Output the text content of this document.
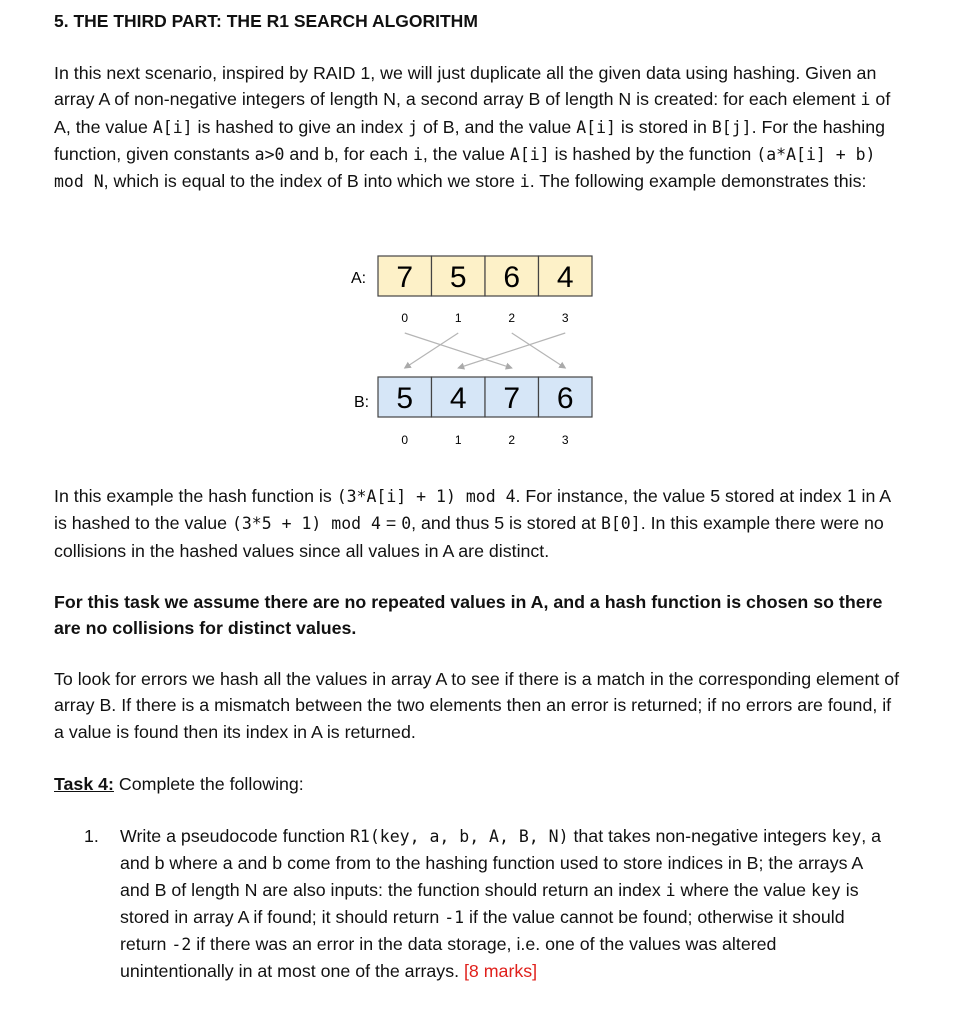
5. THE THIRD PART: THE R1 SEARCH ALGORITHM

In this next scenario, inspired by RAID 1, we will just duplicate all the given data using hashing. Given an array A of non-negative integers of length N, a second array B of length N is created: for each element i of A, the value A[i] is hashed to give an index j of B, and the value A[i] is stored in B[j]. For the hashing function, given constants a>0 and b, for each i, the value A[i] is hashed by the function (a*A[i] + b) mod N, which is equal to the index of B into which we store i. The following example demonstrates this:

A: 7 5 6 4
0	1	2	3
B: 5 4 7 6
0	1	2	3

In this example the hash function is (3*A[i] + 1) mod 4. For instance, the value 5 stored at index 1 in A is hashed to the value (3*5 + 1) mod 4 = 0, and thus 5 is stored at B[0]. In this example there were no collisions in the hashed values since all values in A are distinct.

For this task we assume there are no repeated values in A, and a hash function is chosen so there are no collisions for distinct values.
To look for errors we hash all the values in array A to see if there is a match in the corresponding element of array B. If there is a mismatch between the two elements then an error is returned; if no errors are found, if a value is found then its index in A is returned.
Task 4: Complete the following:
1. Write a pseudocode function R1(key, a, b, A, B, N) that takes non-negative integers key, a and b where a and b come from to the hashing function used to store indices in B; the arrays A and B of length N are also inputs: the function should return an index i where the value key is stored in array A if found; it should return -1 if the value cannot be found; otherwise it should return -2 if there was an error in the data storage, i.e. one of the values was altered unintentionally in at most one of the arrays. [8 marks]
